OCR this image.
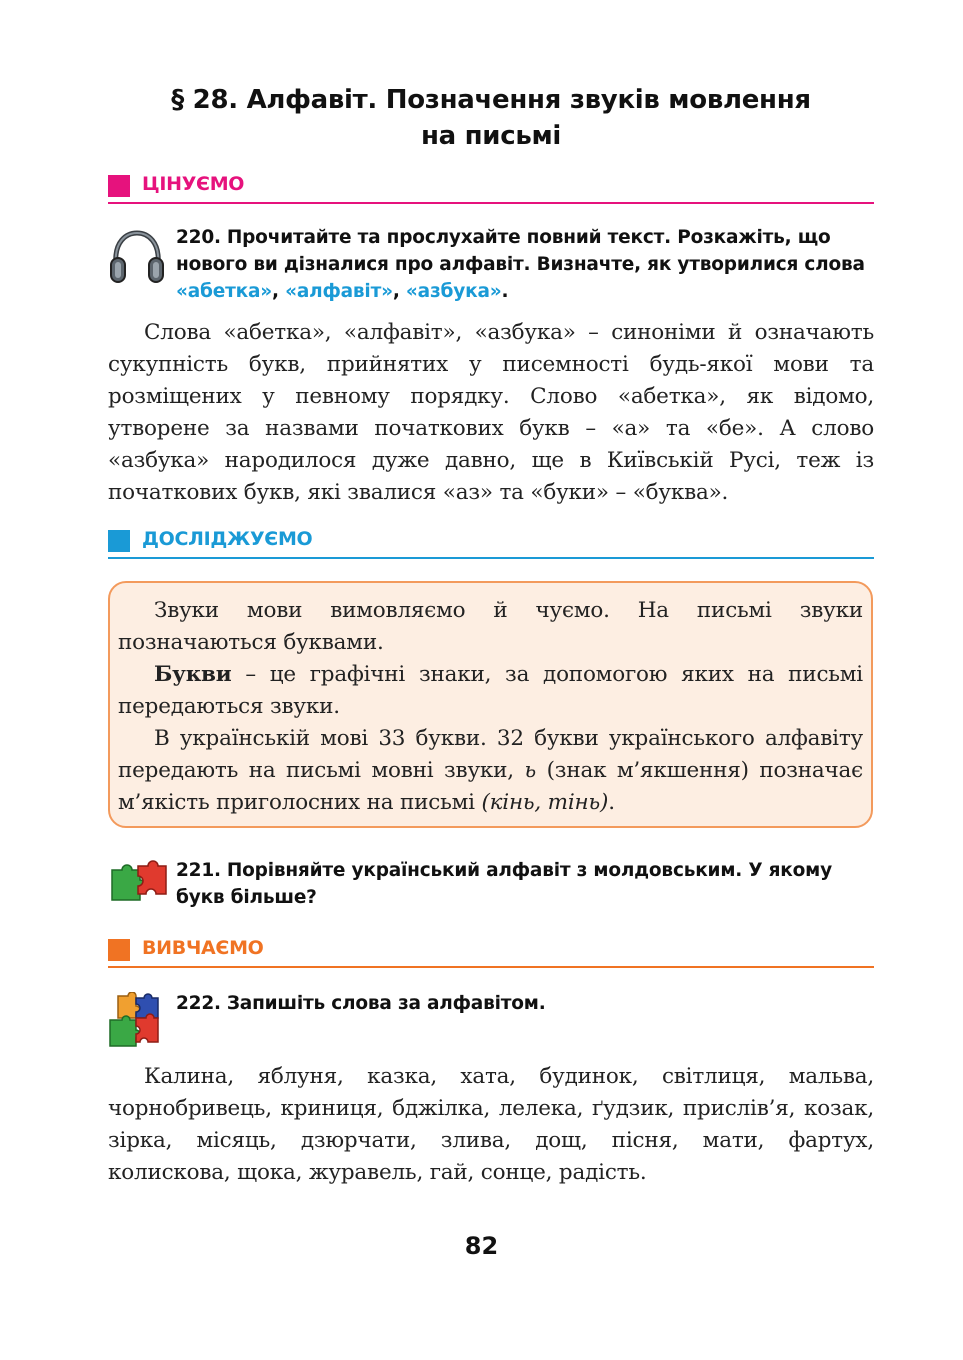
§ 28. Алфавіт. Позначення звуків мовлення
на письмі
ЦІНУЄМО
220. Прочитайте та прослухайте повний текст. Розкажіть, що нового ви дізналися про алфавіт. Визначте, як утворилися слова «абетка», «алфавіт», «азбука».

Слова «абетка», «алфавіт», «азбука» – синоніми й означають сукупність букв, прийнятих у писемності будь-якої мови та розміщених у певному порядку. Слово «абетка», як відомо, утворене за назвами початкових букв – «а» та «бе». А слово «азбука» народилося дуже давно, ще в Київській Русі, теж із початкових букв, які звалися «аз» та «буки» – «буква».

ДОСЛІДЖУЄМО

Звуки мови вимовляємо й чуємо. На письмі звуки позначаються буквами.

Букви – це графічні знаки, за допомогою яких на письмі передаються звуки.

В українській мові 33 букви. 32 букви українського алфавіту передають на письмі мовні звуки, ь (знак м’якшення) позначає м’якість приголосних на письмі (кінь, тінь).

221. Порівняйте український алфавіт з молдовським. У якому букв більше?
ВИВЧАЄМО
222. Запишіть слова за алфавітом.

Калина, яблуня, казка, хата, будинок, світлиця, мальва, чорнобривець, криниця, бджілка, лелека, ґудзик, прислів’я, козак, зірка, місяць, дзюрчати, злива, дощ, пісня, мати, фартух, колискова, щока, журавель, гай, сонце, радість.

82
